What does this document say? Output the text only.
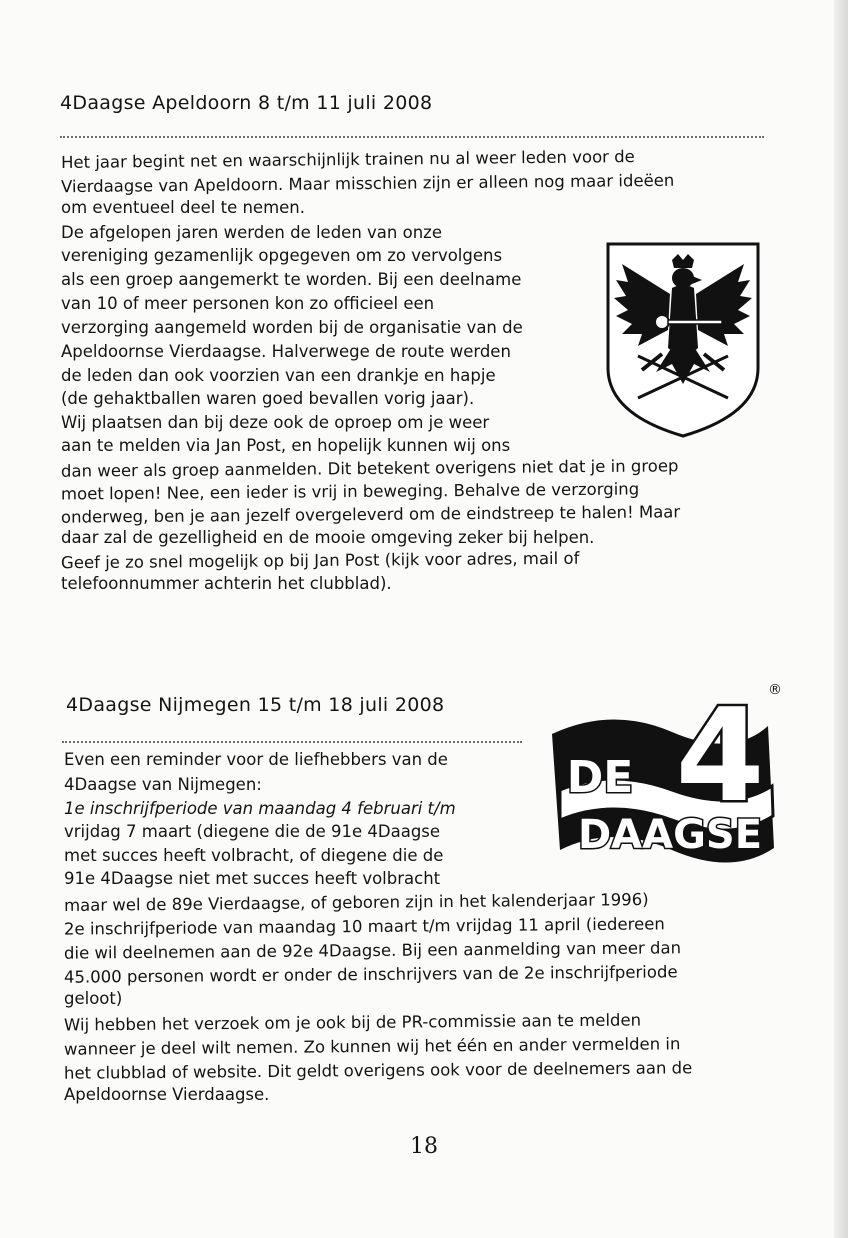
4Daagse Apeldoorn 8 t/m 11 juli 2008
Het jaar begint net en waarschijnlijk trainen nu al weer leden voor de
Vierdaagse van Apeldoorn. Maar misschien zijn er alleen nog maar ideëen
om eventueel deel te nemen.
De afgelopen jaren werden de leden van onze
vereniging gezamenlijk opgegeven om zo vervolgens
als een groep aangemerkt te worden. Bij een deelname
van 10 of meer personen kon zo officieel een
verzorging aangemeld worden bij de organisatie van de
Apeldoornse Vierdaagse. Halverwege de route werden
de leden dan ook voorzien van een drankje en hapje
(de gehaktballen waren goed bevallen vorig jaar).
Wij plaatsen dan bij deze ook de oproep om je weer
aan te melden via Jan Post, en hopelijk kunnen wij ons
dan weer als groep aanmelden. Dit betekent overigens niet dat je in groep
moet lopen! Nee, een ieder is vrij in beweging. Behalve de verzorging
onderweg, ben je aan jezelf overgeleverd om de eindstreep te halen! Maar
daar zal de gezelligheid en de mooie omgeving zeker bij helpen.
Geef je zo snel mogelijk op bij Jan Post (kijk voor adres, mail of
telefoonnummer achterin het clubblad).
4Daagse Nijmegen 15 t/m 18 juli 2008
Even een reminder voor de liefhebbers van de
4Daagse van Nijmegen:
1e inschrijfperiode van maandag 4 februari t/m
vrijdag 7 maart (diegene die de 91e 4Daagse
met succes heeft volbracht, of diegene die de
91e 4Daagse niet met succes heeft volbracht
maar wel de 89e Vierdaagse, of geboren zijn in het kalenderjaar 1996)
2e inschrijfperiode van maandag 10 maart t/m vrijdag 11 april (iedereen
die wil deelnemen aan de 92e 4Daagse. Bij een aanmelding van meer dan
45.000 personen wordt er onder de inschrijvers van de 2e inschrijfperiode
geloot)
Wij hebben het verzoek om je ook bij de PR-commissie aan te melden
wanneer je deel wilt nemen. Zo kunnen wij het één en ander vermelden in
het clubblad of website. Dit geldt overigens ook voor de deelnemers aan de
Apeldoornse Vierdaagse.
4
DE
DAAGSE
®
18
